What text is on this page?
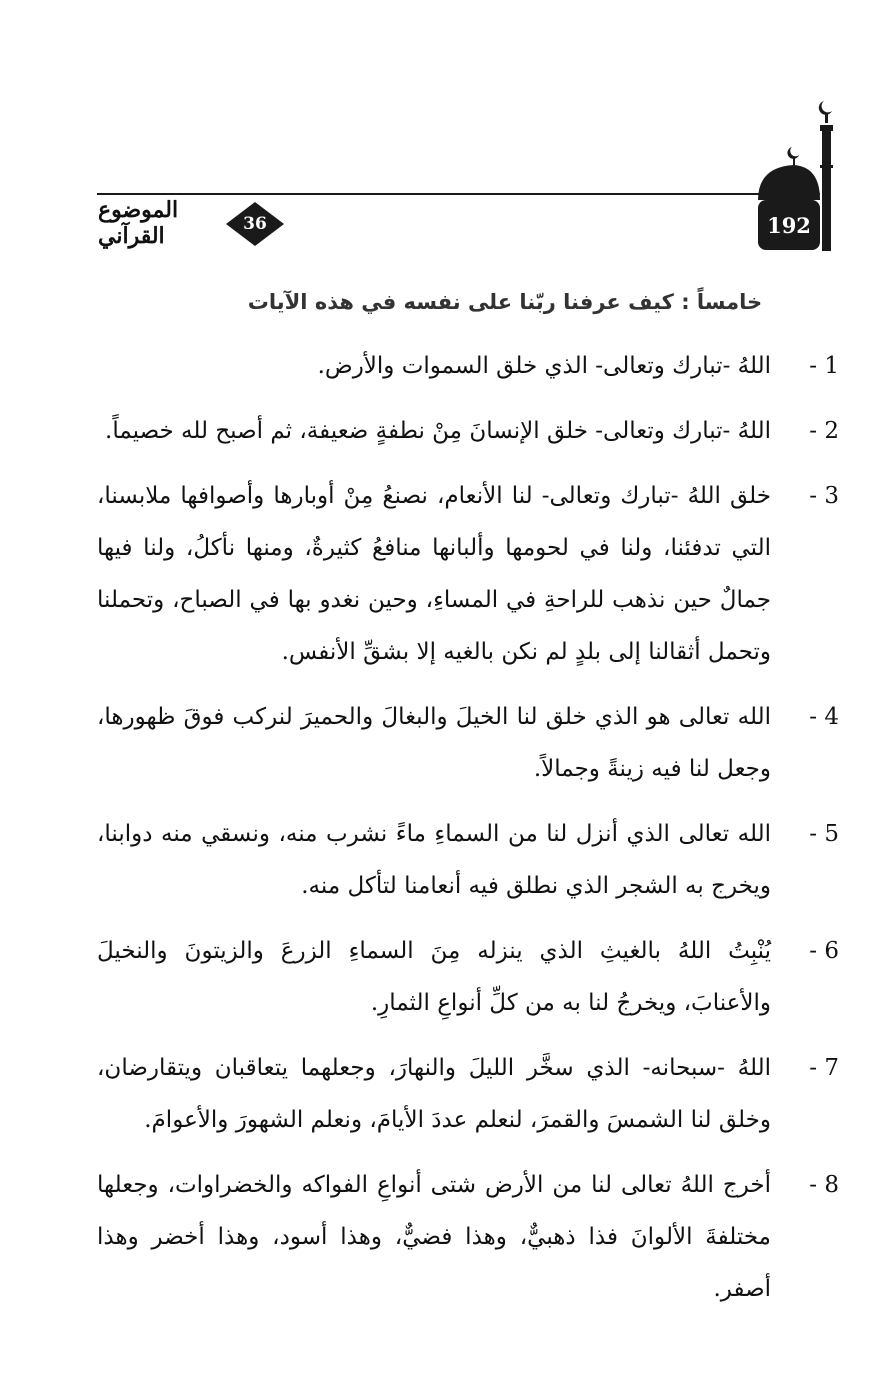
192
36
الموضوع القرآني
خامساً : كيف عرفنا ربّنا على نفسه في هذه الآيات
1 -
اللهُ -تبارك وتعالى- الذي خلق السموات والأرض.
2 -
اللهُ -تبارك وتعالى- خلق الإنسانَ مِنْ نطفةٍ ضعيفة، ثم أصبح لله خصيماً.
3 -
خلق اللهُ -تبارك وتعالى- لنا الأنعام، نصنعُ مِنْ أوبارها وأصوافها ملابسنا، التي تدفئنا، ولنا في لحومها وألبانها منافعُ كثيرةٌ، ومنها نأكلُ، ولنا فيها جمالٌ حين نذهب للراحةِ في المساءِ، وحين نغدو بها في الصباح، وتحملنا وتحمل أثقالنا إلى بلدٍ لم نكن بالغيه إلا بشقِّ الأنفس.
4 -
الله تعالى هو الذي خلق لنا الخيلَ والبغالَ والحميرَ لنركب فوقَ ظهورها، وجعل لنا فيه زينةً وجمالاً.
5 -
الله تعالى الذي أنزل لنا من السماءِ ماءً نشرب منه، ونسقي منه دوابنا، ويخرج به الشجر الذي نطلق فيه أنعامنا لتأكل منه.
6 -
يُنْبِتُ اللهُ بالغيثِ الذي ينزله مِنَ السماءِ الزرعَ والزيتونَ والنخيلَ والأعنابَ، ويخرجُ لنا به من كلِّ أنواعِ الثمارِ.
7 -
اللهُ -سبحانه- الذي سخَّر الليلَ والنهارَ، وجعلهما يتعاقبان ويتقارضان، وخلق لنا الشمسَ والقمرَ، لنعلم عددَ الأيامَ، ونعلم الشهورَ والأعوامَ.
8 -
أخرج اللهُ تعالى لنا من الأرض شتى أنواعِ الفواكه والخضراوات، وجعلها مختلفةَ الألوانَ فذا ذهبيٌّ، وهذا فضيٌّ، وهذا أسود، وهذا أخضر وهذا أصفر.
